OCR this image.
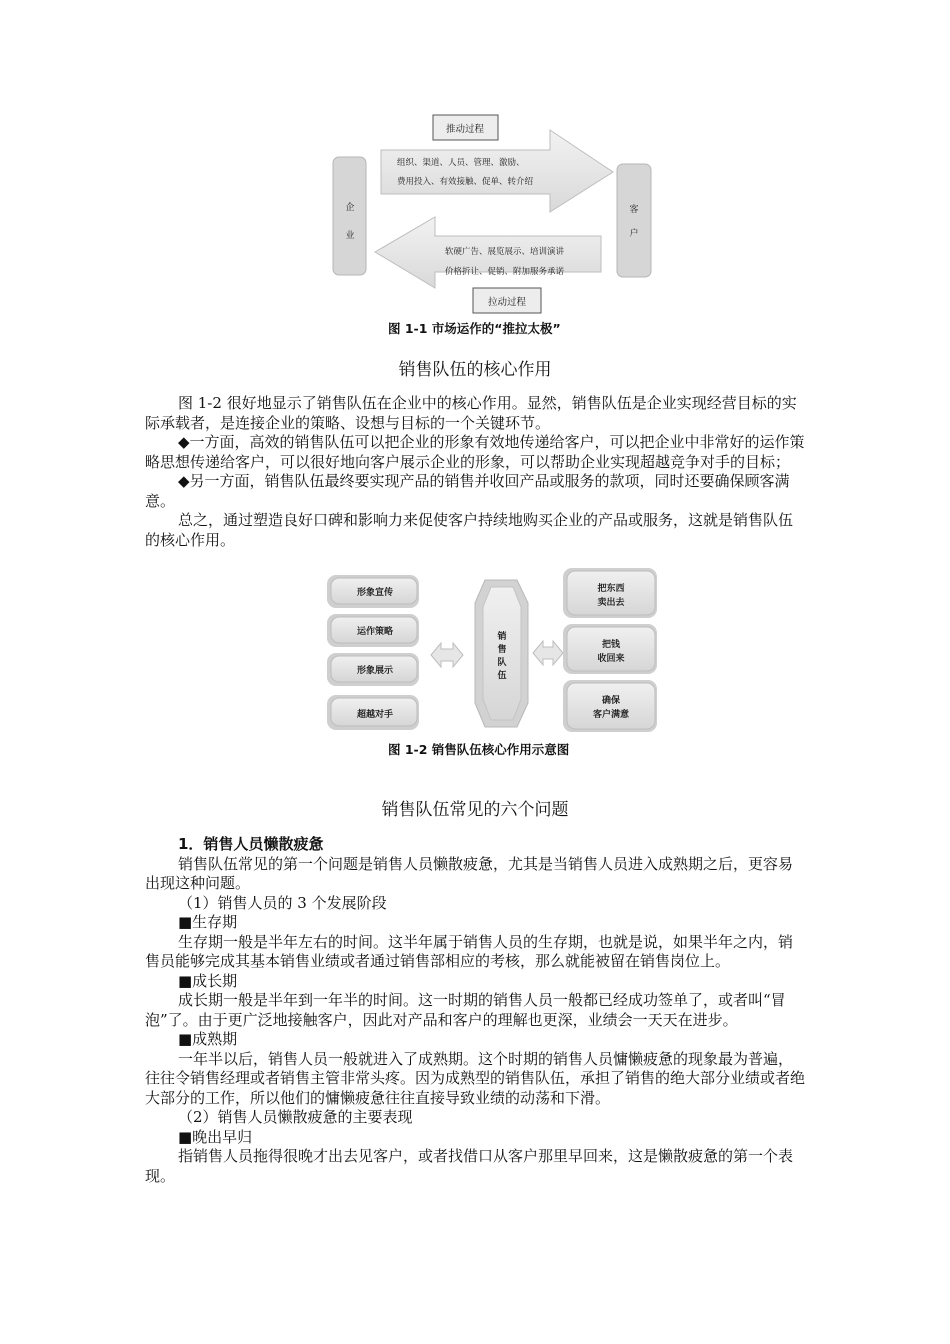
推动过程
拉动过程
企
业
客
户
组织、渠道、人员、管理、激励、
费用投入、有效接触、促单、转介绍
软硬广告、展览展示、培训演讲
价格折让、促销、附加服务承诺
图 1-1 市场运作的“推拉太极”
销售队伍的核心作用

图 1-2 很好地显示了销售队伍在企业中的核心作用。显然，销售队伍是企业实现经营目标的实际承载者，是连接企业的策略、设想与目标的一个关键环节。

◆一方面，高效的销售队伍可以把企业的形象有效地传递给客户，可以把企业中非常好的运作策略思想传递给客户，可以很好地向客户展示企业的形象，可以帮助企业实现超越竞争对手的目标；

◆另一方面，销售队伍最终要实现产品的销售并收回产品或服务的款项，同时还要确保顾客满意。

总之，通过塑造良好口碑和影响力来促使客户持续地购买企业的产品或服务，这就是销售队伍的核心作用。

形象宣传
运作策略
形象展示
超越对手
销
售
队
伍
把东西
卖出去
把钱
收回来
确保
客户满意
图 1-2 销售队伍核心作用示意图
销售队伍常见的六个问题

1．销售人员懒散疲惫

销售队伍常见的第一个问题是销售人员懒散疲惫，尤其是当销售人员进入成熟期之后，更容易出现这种问题。

（1）销售人员的 3 个发展阶段

■生存期

生存期一般是半年左右的时间。这半年属于销售人员的生存期，也就是说，如果半年之内，销售员能够完成其基本销售业绩或者通过销售部相应的考核，那么就能被留在销售岗位上。

■成长期

成长期一般是半年到一年半的时间。这一时期的销售人员一般都已经成功签单了，或者叫“冒泡”了。由于更广泛地接触客户，因此对产品和客户的理解也更深，业绩会一天天在进步。

■成熟期

一年半以后，销售人员一般就进入了成熟期。这个时期的销售人员慵懒疲惫的现象最为普遍，往往令销售经理或者销售主管非常头疼。因为成熟型的销售队伍，承担了销售的绝大部分业绩或者绝大部分的工作，所以他们的慵懒疲惫往往直接导致业绩的动荡和下滑。

（2）销售人员懒散疲惫的主要表现

■晚出早归

指销售人员拖得很晚才出去见客户，或者找借口从客户那里早回来，这是懒散疲惫的第一个表现。
